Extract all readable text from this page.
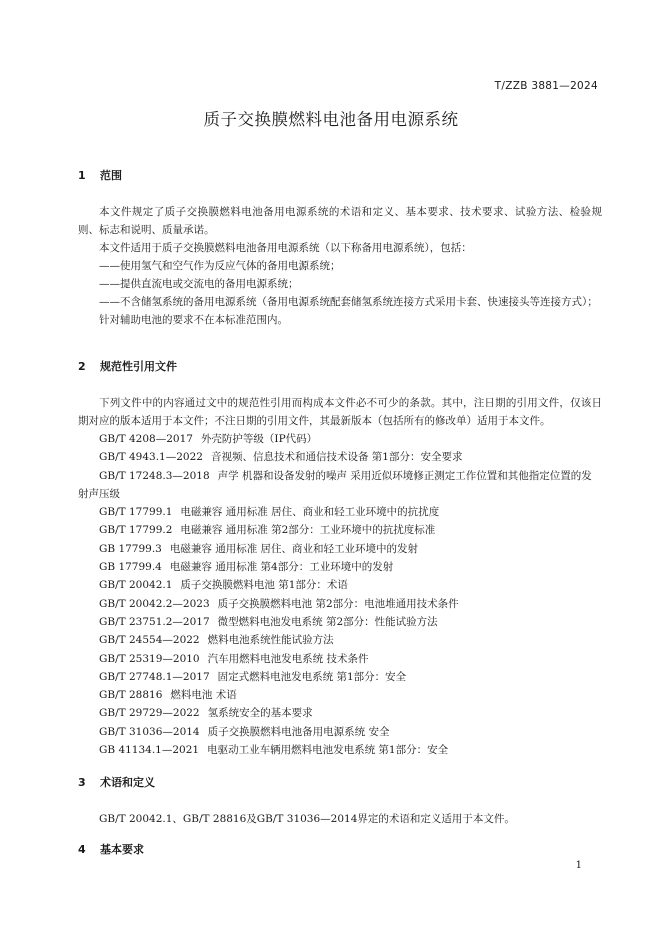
T/ZZB 3881—2024
质子交换膜燃料电池备用电源系统
1 范围

本文件规定了质子交换膜燃料电池备用电源系统的术语和定义、基本要求、技术要求、试验方法、检验规则、标志和说明、质量承诺。

本文件适用于质子交换膜燃料电池备用电源系统（以下称备用电源系统），包括：

——使用氢气和空气作为反应气体的备用电源系统；

——提供直流电或交流电的备用电源系统；

——不含储氢系统的备用电源系统（备用电源系统配套储氢系统连接方式采用卡套、快速接头等连接方式）；

针对辅助电池的要求不在本标准范围内。

2 规范性引用文件

下列文件中的内容通过文中的规范性引用而构成本文件必不可少的条款。其中，注日期的引用文件，仅该日期对应的版本适用于本文件；不注日期的引用文件，其最新版本（包括所有的修改单）适用于本文件。

GB/T 4208—2017 外壳防护等级（IP代码）
GB/T 4943.1—2022 音视频、信息技术和通信技术设备 第1部分：安全要求
GB/T 17248.3—2018 声学 机器和设备发射的噪声 采用近似环境修正测定工作位置和其他指定位置的发射声压级
GB/T 17799.1 电磁兼容 通用标准 居住、商业和轻工业环境中的抗扰度
GB/T 17799.2 电磁兼容 通用标准 第2部分：工业环境中的抗扰度标准
GB 17799.3 电磁兼容 通用标准 居住、商业和轻工业环境中的发射
GB 17799.4 电磁兼容 通用标准 第4部分：工业环境中的发射
GB/T 20042.1 质子交换膜燃料电池 第1部分：术语
GB/T 20042.2—2023 质子交换膜燃料电池 第2部分：电池堆通用技术条件
GB/T 23751.2—2017 微型燃料电池发电系统 第2部分：性能试验方法
GB/T 24554—2022 燃料电池系统性能试验方法
GB/T 25319—2010 汽车用燃料电池发电系统 技术条件
GB/T 27748.1—2017 固定式燃料电池发电系统 第1部分：安全
GB/T 28816 燃料电池 术语
GB/T 29729—2022 氢系统安全的基本要求
GB/T 31036—2014 质子交换膜燃料电池备用电源系统 安全
GB 41134.1—2021 电驱动工业车辆用燃料电池发电系统 第1部分：安全
3 术语和定义

GB/T 20042.1、GB/T 28816及GB/T 31036—2014界定的术语和定义适用于本文件。

4 基本要求
1
